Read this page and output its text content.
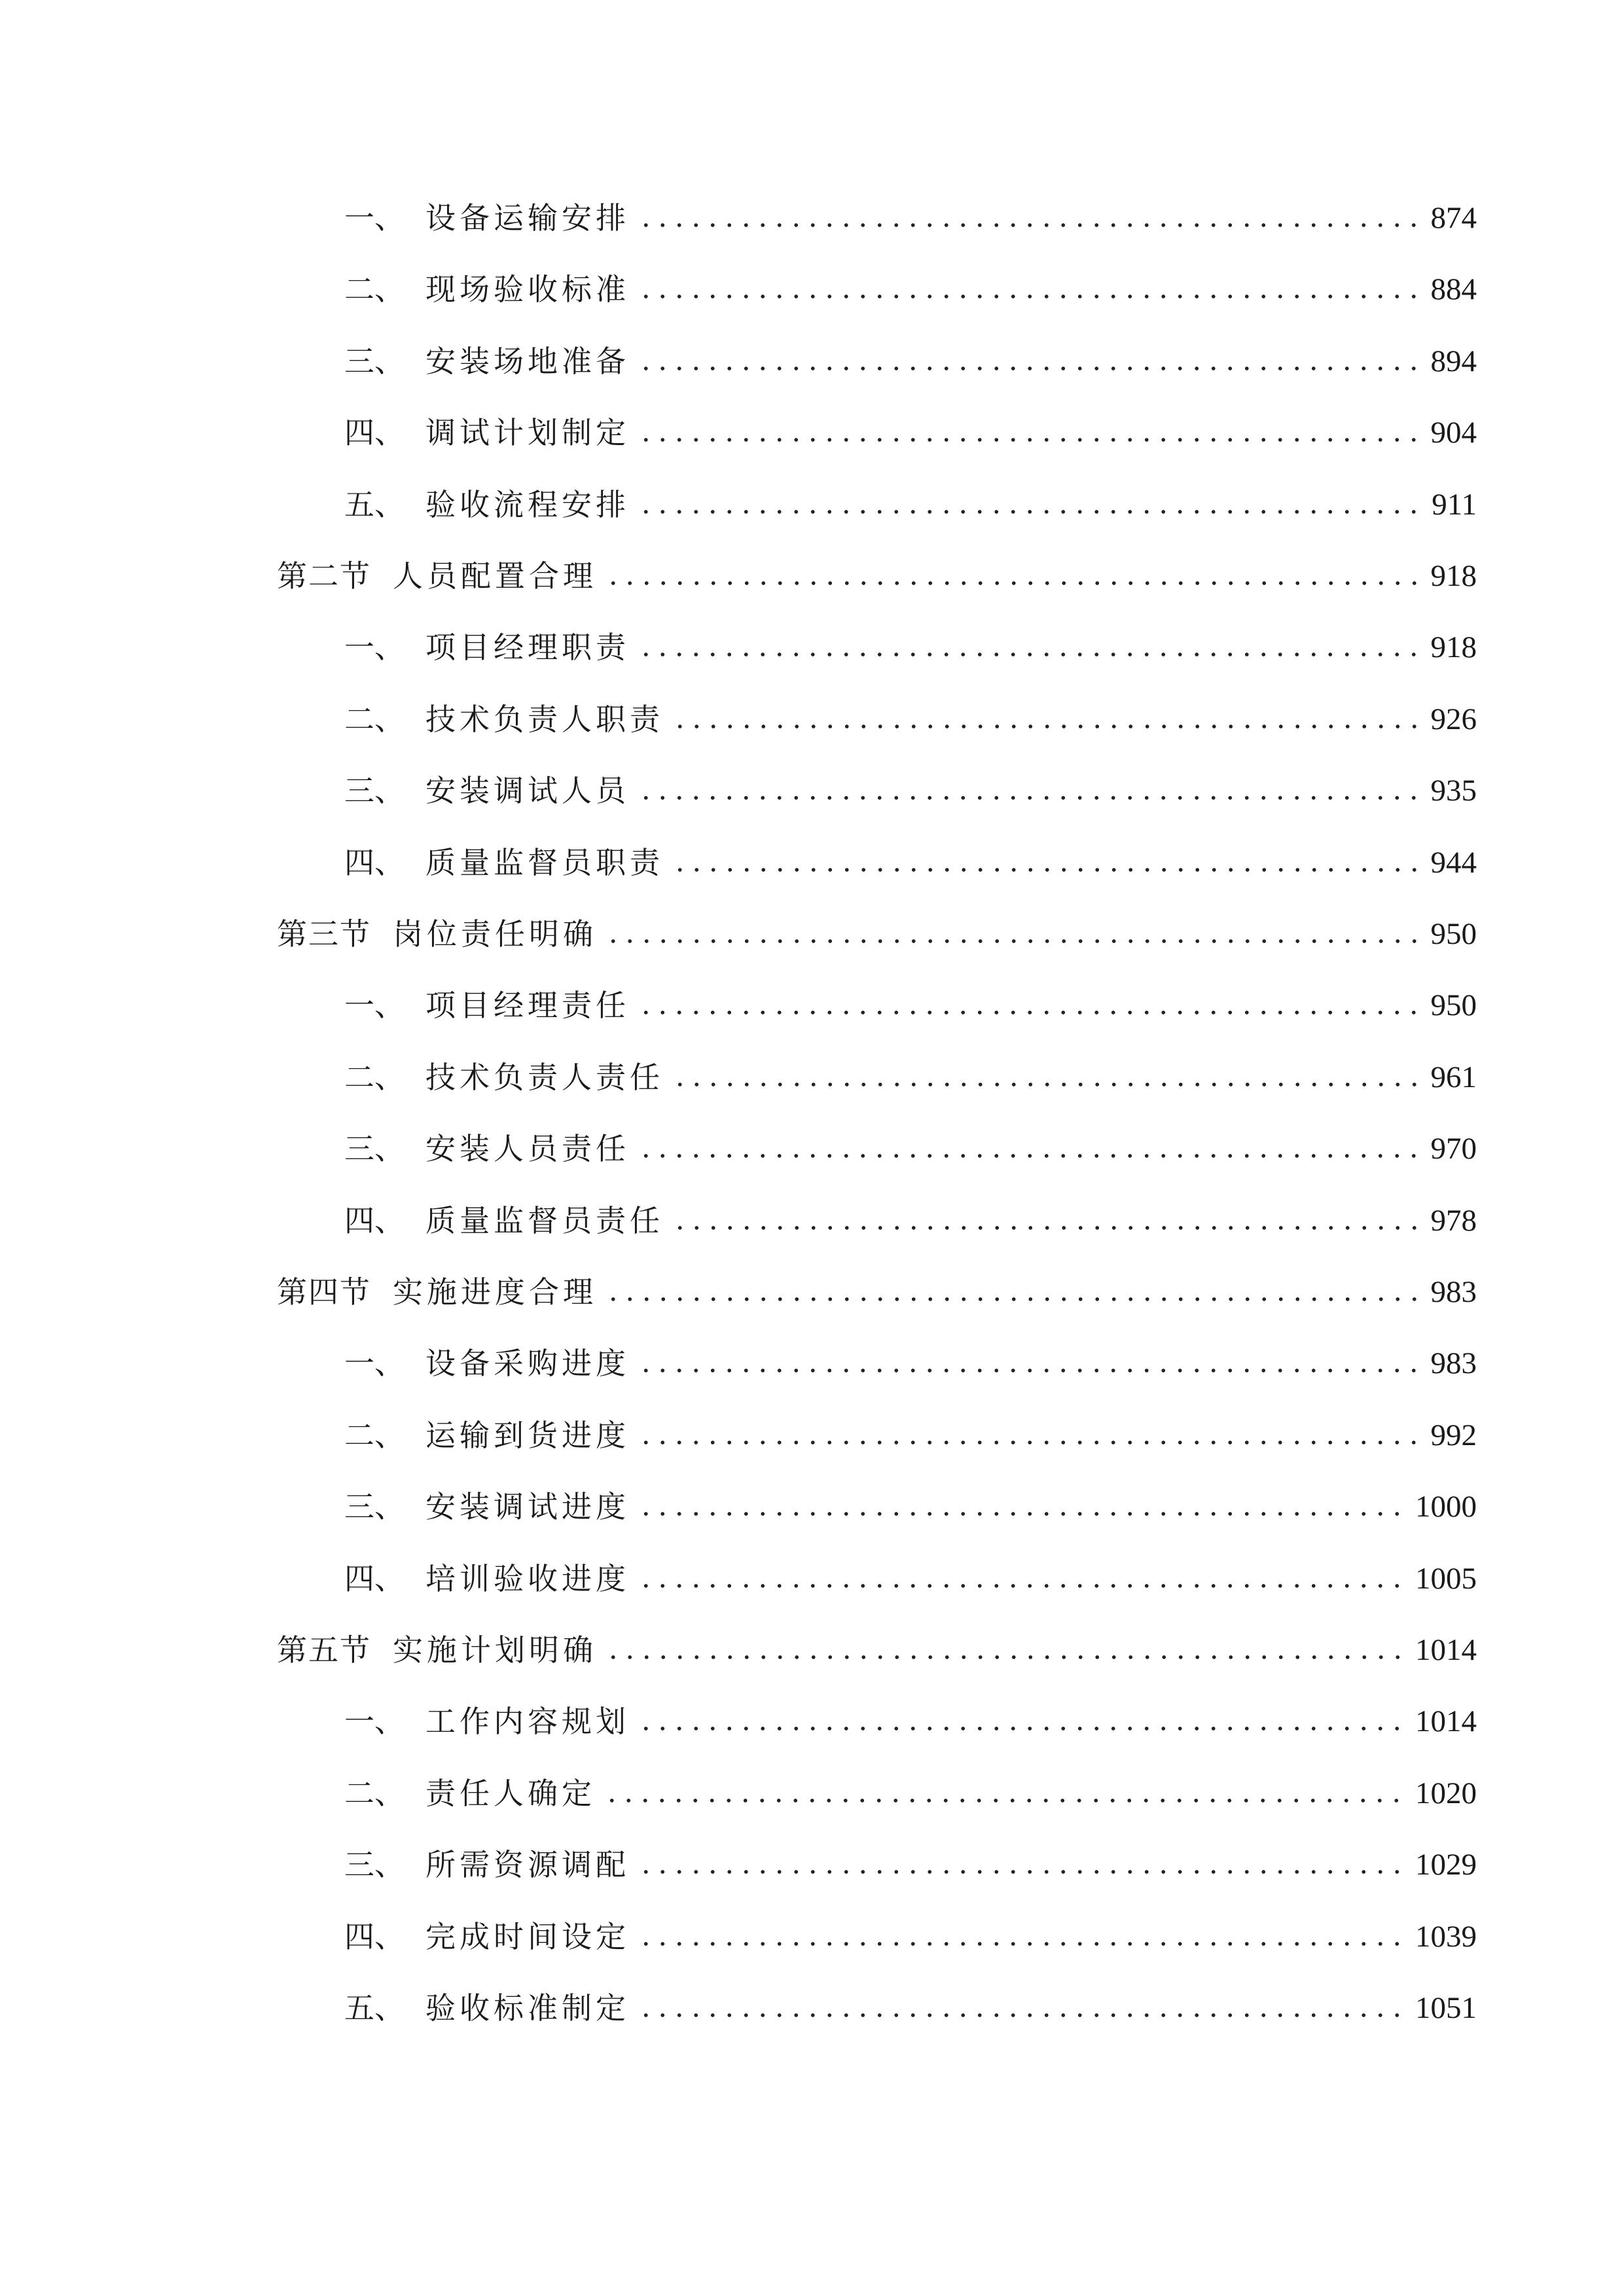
一、 设备运输安排	874
二、 现场验收标准	884
三、 安装场地准备	894
四、 调试计划制定	904
五、 验收流程安排	911
第二节 人员配置合理	918
一、 项目经理职责	918
二、 技术负责人职责	926
三、 安装调试人员	935
四、 质量监督员职责	944
第三节 岗位责任明确	950
一、 项目经理责任	950
二、 技术负责人责任	961
三、 安装人员责任	970
四、 质量监督员责任	978
第四节 实施进度合理	983
一、 设备采购进度	983
二、 运输到货进度	992
三、 安装调试进度	1000
四、 培训验收进度	1005
第五节 实施计划明确	1014
一、 工作内容规划	1014
二、 责任人确定	1020
三、 所需资源调配	1029
四、 完成时间设定	1039
五、 验收标准制定	1051
